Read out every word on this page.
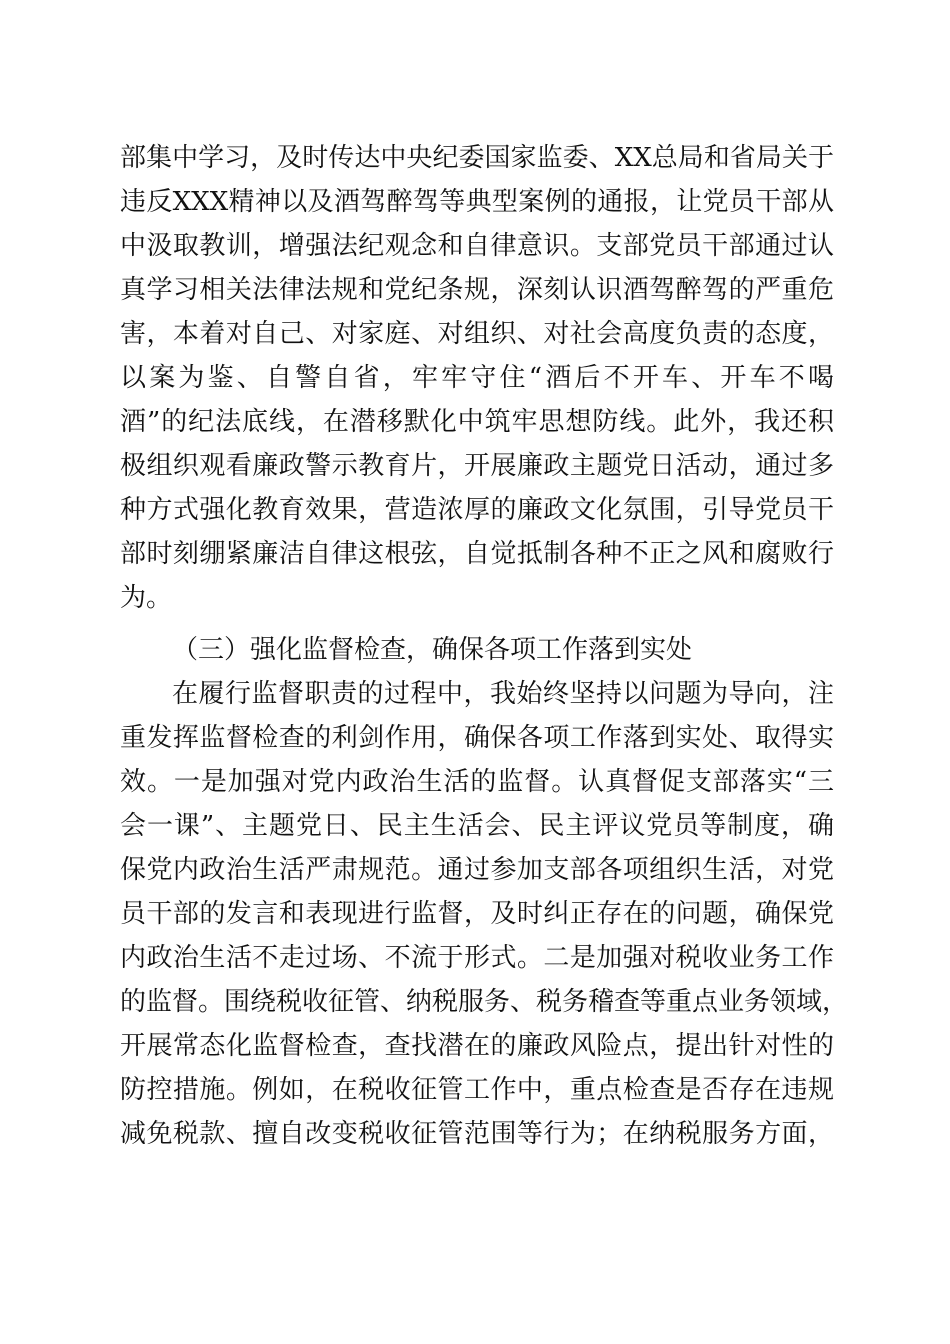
部集中学习，及时传达中央纪委国家监委、XX总局和省局关于
违反XXX精神以及酒驾醉驾等典型案例的通报，让党员干部从
中汲取教训，增强法纪观念和自律意识。支部党员干部通过认
真学习相关法律法规和党纪条规，深刻认识酒驾醉驾的严重危
害，本着对自己、对家庭、对组织、对社会高度负责的态度，
以案为鉴、自警自省，牢牢守住“酒后不开车、开车不喝
酒”的纪法底线，在潜移默化中筑牢思想防线。此外，我还积
极组织观看廉政警示教育片，开展廉政主题党日活动，通过多
种方式强化教育效果，营造浓厚的廉政文化氛围，引导党员干
部时刻绷紧廉洁自律这根弦，自觉抵制各种不正之风和腐败行
为。
（三）强化监督检查，确保各项工作落到实处
在履行监督职责的过程中，我始终坚持以问题为导向，注
重发挥监督检查的利剑作用，确保各项工作落到实处、取得实
效。一是加强对党内政治生活的监督。认真督促支部落实“三
会一课”、主题党日、民主生活会、民主评议党员等制度，确
保党内政治生活严肃规范。通过参加支部各项组织生活，对党
员干部的发言和表现进行监督，及时纠正存在的问题，确保党
内政治生活不走过场、不流于形式。二是加强对税收业务工作
的监督。围绕税收征管、纳税服务、税务稽查等重点业务领域，
开展常态化监督检查，查找潜在的廉政风险点，提出针对性的
防控措施。例如，在税收征管工作中，重点检查是否存在违规
减免税款、擅自改变税收征管范围等行为；在纳税服务方面，
